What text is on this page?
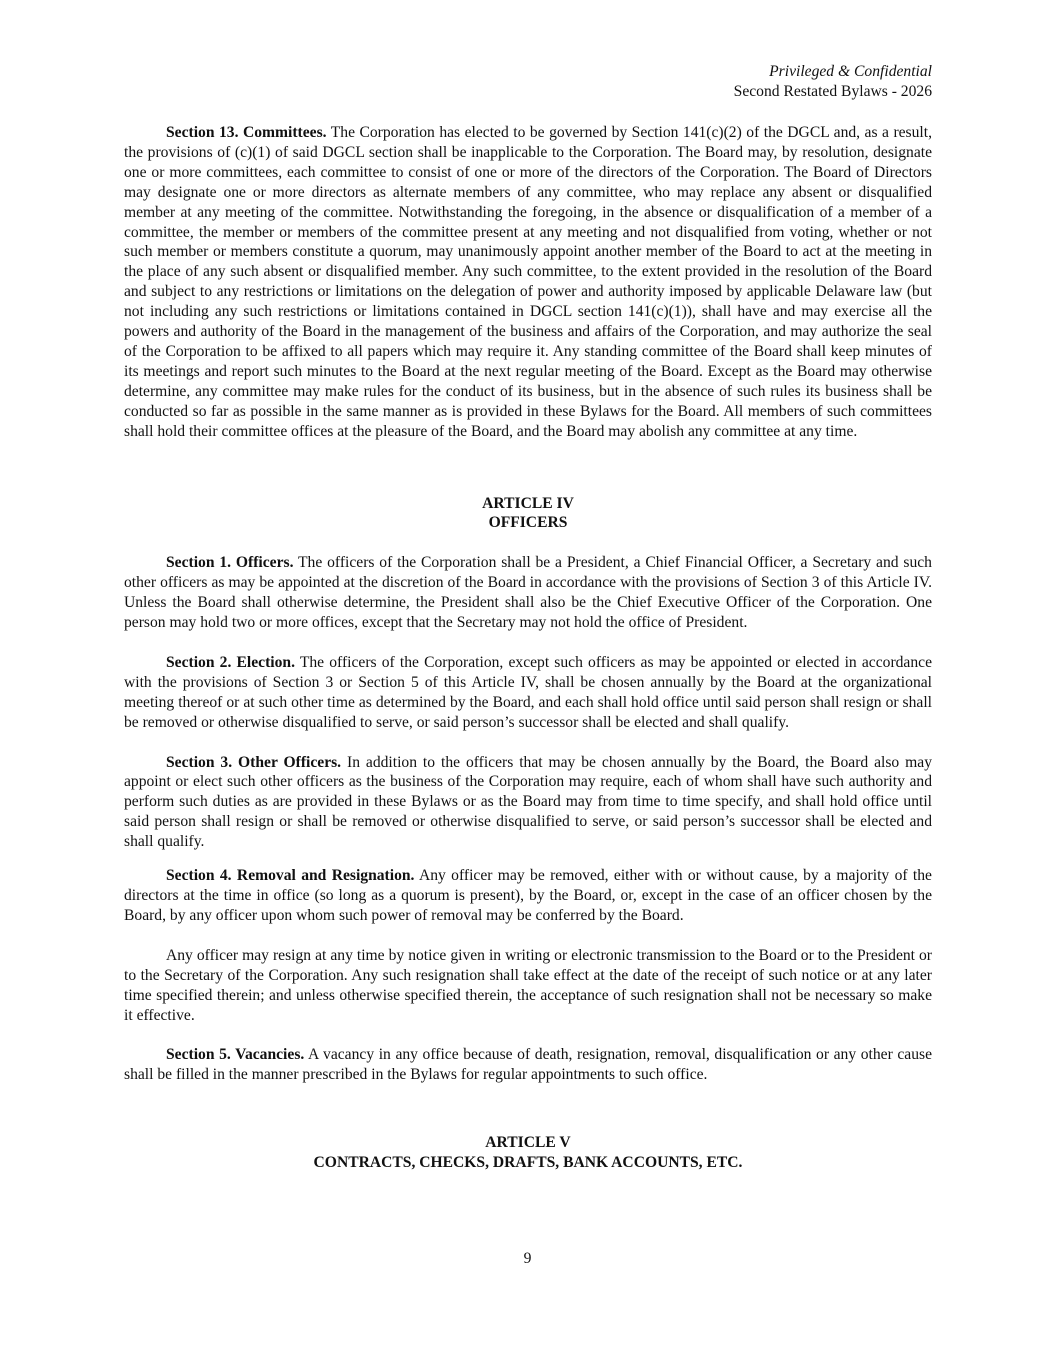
Privileged & Confidential
Second Restated Bylaws - 2026

Section 13. Committees. The Corporation has elected to be governed by Section 141(c)(2) of the DGCL and, as a result, the provisions of (c)(1) of said DGCL section shall be inapplicable to the Corporation. The Board may, by resolution, designate one or more committees, each committee to consist of one or more of the directors of the Corporation. The Board of Directors may designate one or more directors as alternate members of any committee, who may replace any absent or disqualified member at any meeting of the committee. Notwithstanding the foregoing, in the absence or disqualification of a member of a committee, the member or members of the committee present at any meeting and not disqualified from voting, whether or not such member or members constitute a quorum, may unanimously appoint another member of the Board to act at the meeting in the place of any such absent or disqualified member. Any such committee, to the extent provided in the resolution of the Board and subject to any restrictions or limitations on the delegation of power and authority imposed by applicable Delaware law (but not including any such restrictions or limitations contained in DGCL section 141(c)(1)), shall have and may exercise all the powers and authority of the Board in the management of the business and affairs of the Corporation, and may authorize the seal of the Corporation to be affixed to all papers which may require it. Any standing committee of the Board shall keep minutes of its meetings and report such minutes to the Board at the next regular meeting of the Board. Except as the Board may otherwise determine, any committee may make rules for the conduct of its business, but in the absence of such rules its business shall be conducted so far as possible in the same manner as is provided in these Bylaws for the Board. All members of such committees shall hold their committee offices at the pleasure of the Board, and the Board may abolish any committee at any time.

ARTICLE IV

OFFICERS

Section 1. Officers. The officers of the Corporation shall be a President, a Chief Financial Officer, a Secretary and such other officers as may be appointed at the discretion of the Board in accordance with the provisions of Section 3 of this Article IV. Unless the Board shall otherwise determine, the President shall also be the Chief Executive Officer of the Corporation. One person may hold two or more offices, except that the Secretary may not hold the office of President.

Section 2. Election. The officers of the Corporation, except such officers as may be appointed or elected in accordance with the provisions of Section 3 or Section 5 of this Article IV, shall be chosen annually by the Board at the organizational meeting thereof or at such other time as determined by the Board, and each shall hold office until said person shall resign or shall be removed or otherwise disqualified to serve, or said person’s successor shall be elected and shall qualify.

Section 3. Other Officers. In addition to the officers that may be chosen annually by the Board, the Board also may appoint or elect such other officers as the business of the Corporation may require, each of whom shall have such authority and perform such duties as are provided in these Bylaws or as the Board may from time to time specify, and shall hold office until said person shall resign or shall be removed or otherwise disqualified to serve, or said person’s successor shall be elected and shall qualify.

Section 4. Removal and Resignation. Any officer may be removed, either with or without cause, by a majority of the directors at the time in office (so long as a quorum is present), by the Board, or, except in the case of an officer chosen by the Board, by any officer upon whom such power of removal may be conferred by the Board.

Any officer may resign at any time by notice given in writing or electronic transmission to the Board or to the President or to the Secretary of the Corporation. Any such resignation shall take effect at the date of the receipt of such notice or at any later time specified therein; and unless otherwise specified therein, the acceptance of such resignation shall not be necessary so make it effective.

Section 5. Vacancies. A vacancy in any office because of death, resignation, removal, disqualification or any other cause shall be filled in the manner prescribed in the Bylaws for regular appointments to such office.

ARTICLE V

CONTRACTS, CHECKS, DRAFTS, BANK ACCOUNTS, ETC.

9
